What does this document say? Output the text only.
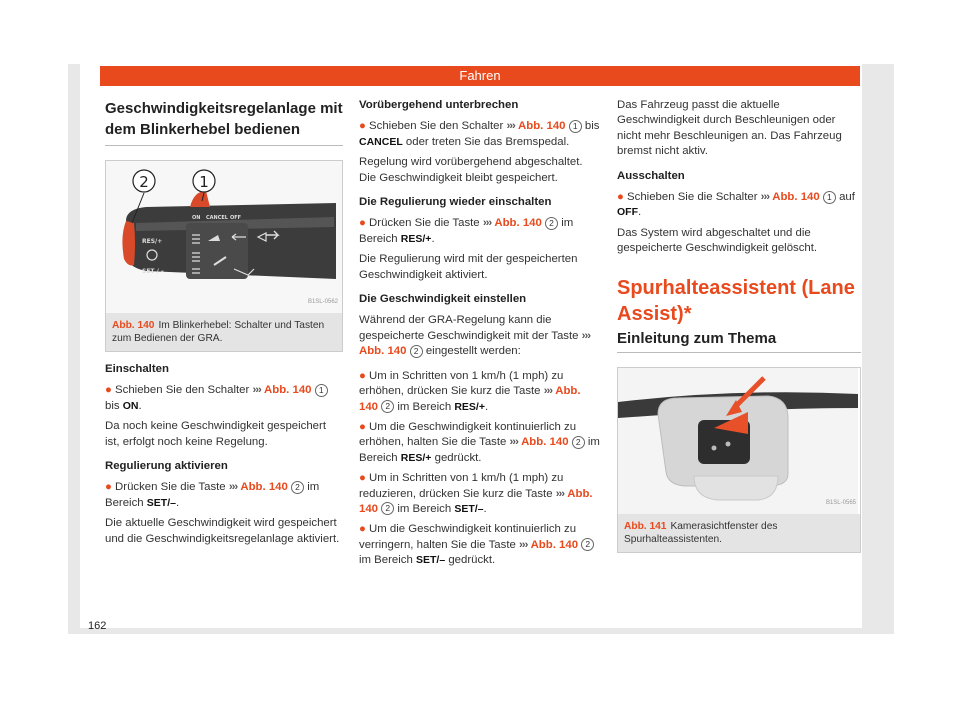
Fahren
Geschwindigkeitsregelanlage mit dem Blinkerhebel bedienen
RES/+
SET / –
ON CANCEL OFF
2	1
B1SL-0562
Abb. 140 Im Blinkerhebel: Schalter und Tasten zum Bedienen der GRA.

Einschalten

● Schieben Sie den Schalter ››› Abb. 140 1 bis ON.

Da noch keine Geschwindigkeit gespeichert ist, erfolgt noch keine Regelung.

Regulierung aktivieren

● Drücken Sie die Taste ››› Abb. 140 2 im Bereich SET/–.

Die aktuelle Geschwindigkeit wird gespeichert und die Geschwindigkeitsregelanlage aktiviert.

Vorübergehend unterbrechen

● Schieben Sie den Schalter ››› Abb. 140 1 bis CANCEL oder treten Sie das Bremspedal.

Regelung wird vorübergehend abgeschaltet. Die Geschwindigkeit bleibt gespeichert.

Die Regulierung wieder einschalten

● Drücken Sie die Taste ››› Abb. 140 2 im Bereich RES/+.

Die Regulierung wird mit der gespeicherten Geschwindigkeit aktiviert.

Die Geschwindigkeit einstellen

Während der GRA-Regelung kann die gespeicherte Geschwindigkeit mit der Taste ››› Abb. 140 2 eingestellt werden:

● Um in Schritten von 1 km/h (1 mph) zu erhöhen, drücken Sie kurz die Taste ››› Abb. 140 2 im Bereich RES/+.

● Um die Geschwindigkeit kontinuierlich zu erhöhen, halten Sie die Taste ››› Abb. 140 2 im Bereich RES/+ gedrückt.

● Um in Schritten von 1 km/h (1 mph) zu reduzieren, drücken Sie kurz die Taste ››› Abb. 140 2 im Bereich SET/–.

● Um die Geschwindigkeit kontinuierlich zu verringern, halten Sie die Taste ››› Abb. 140 2 im Bereich SET/– gedrückt.

Das Fahrzeug passt die aktuelle Geschwindigkeit durch Beschleunigen oder nicht mehr Beschleunigen an. Das Fahrzeug bremst nicht aktiv.

Ausschalten

● Schieben Sie die Schalter ››› Abb. 140 1 auf OFF.

Das System wird abgeschaltet und die gespeicherte Geschwindigkeit gelöscht.

Spurhalteassistent (Lane Assist)*
Einleitung zum Thema
B1SL-0565
Abb. 141 Kamerasichtfenster des Spurhalteassistenten.
162
